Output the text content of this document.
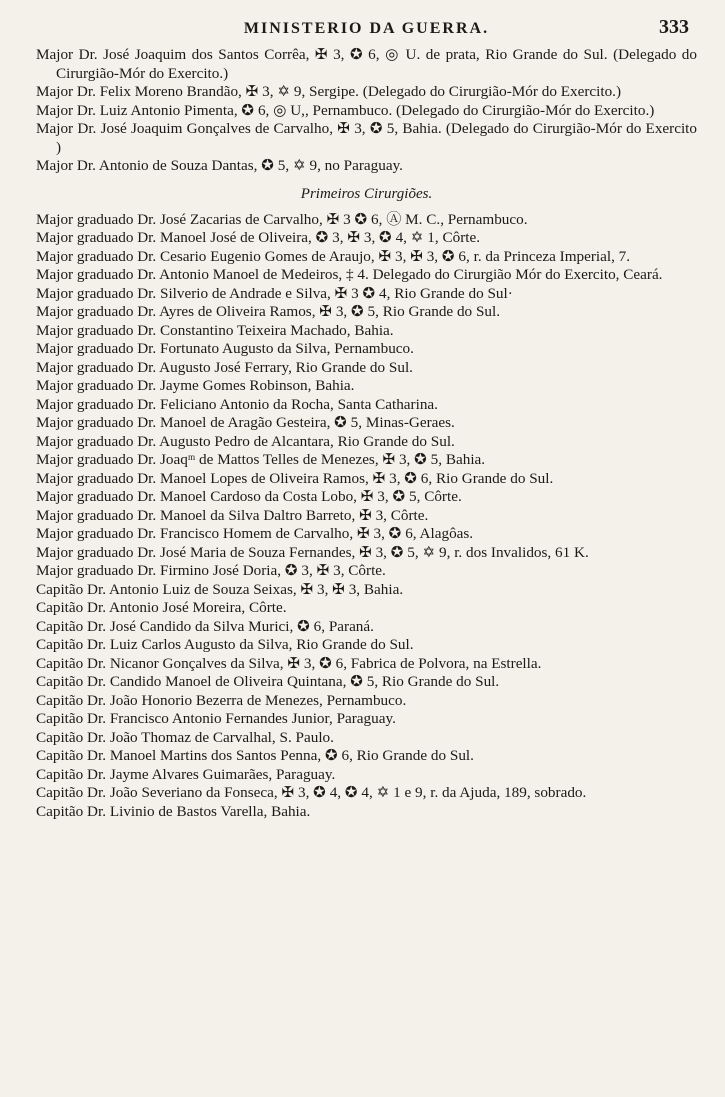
MINISTERIO DA GUERRA.	333
Major Dr. José Joaquim dos Santos Corrêa, ✠ 3, ✪ 6, ◎ U. de prata, Rio Grande do Sul. (Delegado do Cirurgião-Mór do Exercito.)
Major Dr. Felix Moreno Brandão, ✠ 3, ✡ 9, Sergipe. (Delegado do Cirurgião-Mór do Exercito.)
Major Dr. Luiz Antonio Pimenta, ✪ 6, ◎ U,, Pernambuco. (Delegado do Cirurgião-Mór do Exercito.)
Major Dr. José Joaquim Gonçalves de Carvalho, ✠ 3, ✪ 5, Bahia. (Delegado do Cirurgião-Mór do Exercito )
Major Dr. Antonio de Souza Dantas, ✪ 5, ✡ 9, no Paraguay.
Primeiros Cirurgiões.
Major graduado Dr. José Zacarias de Carvalho, ✠ 3 ✪ 6, Ⓐ M. C., Pernambuco.
Major graduado Dr. Manoel José de Oliveira, ✪ 3, ✠ 3, ✪ 4, ✡ 1, Côrte.
Major graduado Dr. Cesario Eugenio Gomes de Araujo, ✠ 3, ✠ 3, ✪ 6, r. da Princeza Imperial, 7.
Major graduado Dr. Antonio Manoel de Medeiros, ‡ 4. Delegado do Cirurgião Mór do Exercito, Ceará.
Major graduado Dr. Silverio de Andrade e Silva, ✠ 3 ✪ 4, Rio Grande do Sul·
Major graduado Dr. Ayres de Oliveira Ramos, ✠ 3, ✪ 5, Rio Grande do Sul.
Major graduado Dr. Constantino Teixeira Machado, Bahia.
Major graduado Dr. Fortunato Augusto da Silva, Pernambuco.
Major graduado Dr. Augusto José Ferrary, Rio Grande do Sul.
Major graduado Dr. Jayme Gomes Robinson, Bahia.
Major graduado Dr. Feliciano Antonio da Rocha, Santa Catharina.
Major graduado Dr. Manoel de Aragão Gesteira, ✪ 5, Minas-Geraes.
Major graduado Dr. Augusto Pedro de Alcantara, Rio Grande do Sul.
Major graduado Dr. Joaqᵐ de Mattos Telles de Menezes, ✠ 3, ✪ 5, Bahia.
Major graduado Dr. Manoel Lopes de Oliveira Ramos, ✠ 3, ✪ 6, Rio Grande do Sul.
Major graduado Dr. Manoel Cardoso da Costa Lobo, ✠ 3, ✪ 5, Côrte.
Major graduado Dr. Manoel da Silva Daltro Barreto, ✠ 3, Côrte.
Major graduado Dr. Francisco Homem de Carvalho, ✠ 3, ✪ 6, Alagôas.
Major graduado Dr. José Maria de Souza Fernandes, ✠ 3, ✪ 5, ✡ 9, r. dos Invalidos, 61 K.
Major graduado Dr. Firmino José Doria, ✪ 3, ✠ 3, Côrte.
Capitão Dr. Antonio Luiz de Souza Seixas, ✠ 3, ✠ 3, Bahia.
Capitão Dr. Antonio José Moreira, Côrte.
Capitão Dr. José Candido da Silva Murici, ✪ 6, Paraná.
Capitão Dr. Luiz Carlos Augusto da Silva, Rio Grande do Sul.
Capitão Dr. Nicanor Gonçalves da Silva, ✠ 3, ✪ 6, Fabrica de Polvora, na Estrella.
Capitão Dr. Candido Manoel de Oliveira Quintana, ✪ 5, Rio Grande do Sul.
Capitão Dr. João Honorio Bezerra de Menezes, Pernambuco.
Capitão Dr. Francisco Antonio Fernandes Junior, Paraguay.
Capitão Dr. João Thomaz de Carvalhal, S. Paulo.
Capitão Dr. Manoel Martins dos Santos Penna, ✪ 6, Rio Grande do Sul.
Capitão Dr. Jayme Alvares Guimarães, Paraguay.
Capitão Dr. João Severiano da Fonseca, ✠ 3, ✪ 4, ✪ 4, ✡ 1 e 9, r. da Ajuda, 189, sobrado.
Capitão Dr. Livinio de Bastos Varella, Bahia.
